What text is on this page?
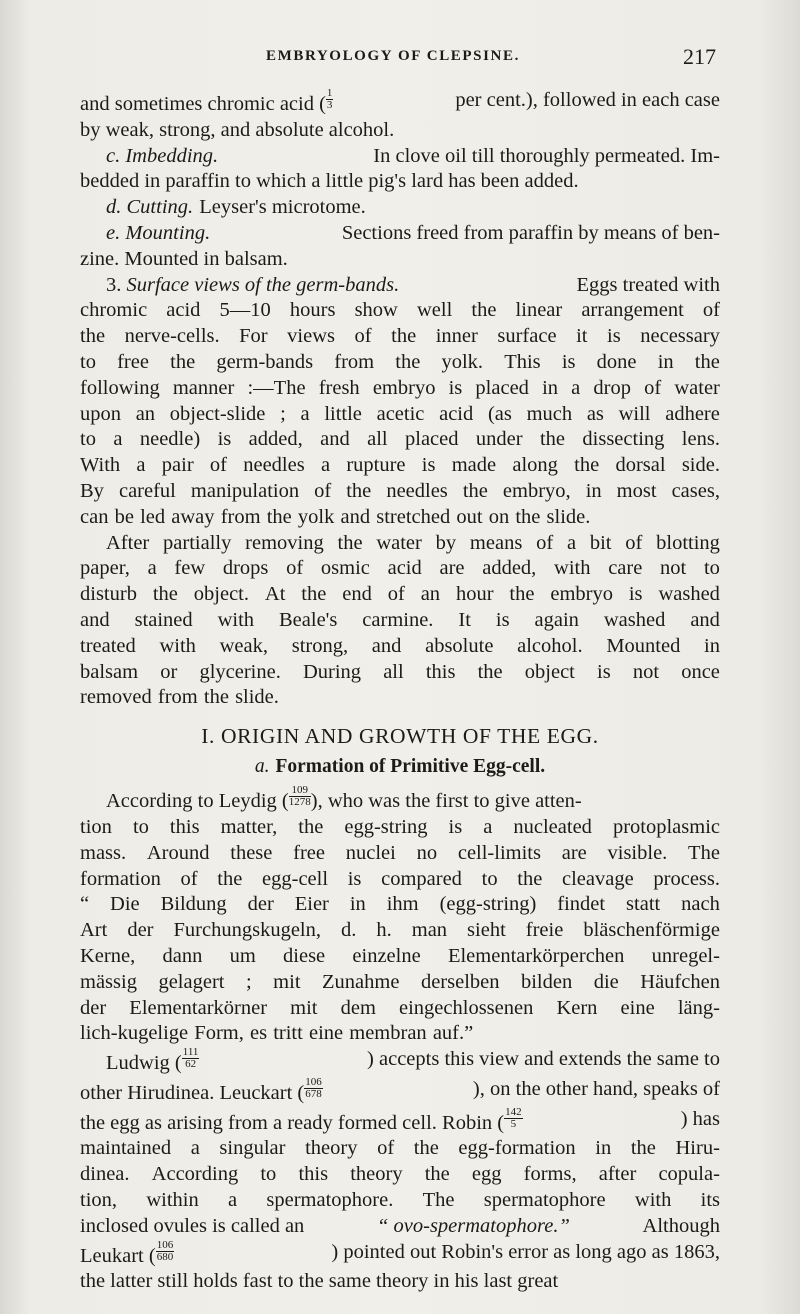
EMBRYOLOGY OF CLEPSINE.	217
and sometimes chromic acid ( $\frac{1}{3}$	per cent.), followed in each case
by weak, strong, and absolute alcohol.
c. Imbedding.	In clove oil till thoroughly permeated. Im-
bedded in paraffin to which a little pig's lard has been added.
d. Cutting. Leyser's microtome.
e. Mounting.	Sections freed from paraffin by means of ben-
zine. Mounted in balsam.
3. Surface views of the germ-bands.	Eggs treated with
chromic acid 5—10 hours show well the linear arrangement of
the nerve-cells. For views of the inner surface it is necessary
to free the germ-bands from the yolk. This is done in the
following manner :—The fresh embryo is placed in a drop of water
upon an object-slide ; a little acetic acid (as much as will adhere
to a needle) is added, and all placed under the dissecting lens.
With a pair of needles a rupture is made along the dorsal side.
By careful manipulation of the needles the embryo, in most cases,
can be led away from the yolk and stretched out on the slide.
After partially removing the water by means of a bit of blotting
paper, a few drops of osmic acid are added, with care not to
disturb the object. At the end of an hour the embryo is washed
and stained with Beale's carmine. It is again washed and
treated with weak, strong, and absolute alcohol. Mounted in
balsam or glycerine. During all this the object is not once
removed from the slide.
I. ORIGIN AND GROWTH OF THE EGG.
a. Formation of Primitive Egg-cell.
According to Leydig ( $\frac{109}{1278}$ ), who was the first to give atten-
tion to this matter, the egg-string is a nucleated protoplasmic
mass. Around these free nuclei no cell-limits are visible. The
formation of the egg-cell is compared to the cleavage process.
“ Die Bildung der Eier in ihm (egg-string) findet statt nach
Art der Furchungskugeln, d. h. man sieht freie bläschenförmige
Kerne, dann um diese einzelne Elementarkörperchen unregel-
mässig gelagert ; mit Zunahme derselben bilden die Häufchen
der Elementarkörner mit dem eingechlossenen Kern eine läng-
lich-kugelige Form, es tritt eine membran auf.”
Ludwig ( $\frac{111}{62}$	) accepts this view and extends the same to
other Hirudinea. Leuckart ( $\frac{106}{678}$	), on the other hand, speaks of
the egg as arising from a ready formed cell. Robin ( $\frac{142}{5}$	) has
maintained a singular theory of the egg-formation in the Hiru-
dinea. According to this theory the egg forms, after copula-
tion, within a spermatophore. The spermatophore with its
inclosed ovules is called an	“ ovo-spermatophore.”	Although
Leukart ( $\frac{106}{680}$	) pointed out Robin's error as long ago as 1863,
the latter still holds fast to the same theory in his last great
